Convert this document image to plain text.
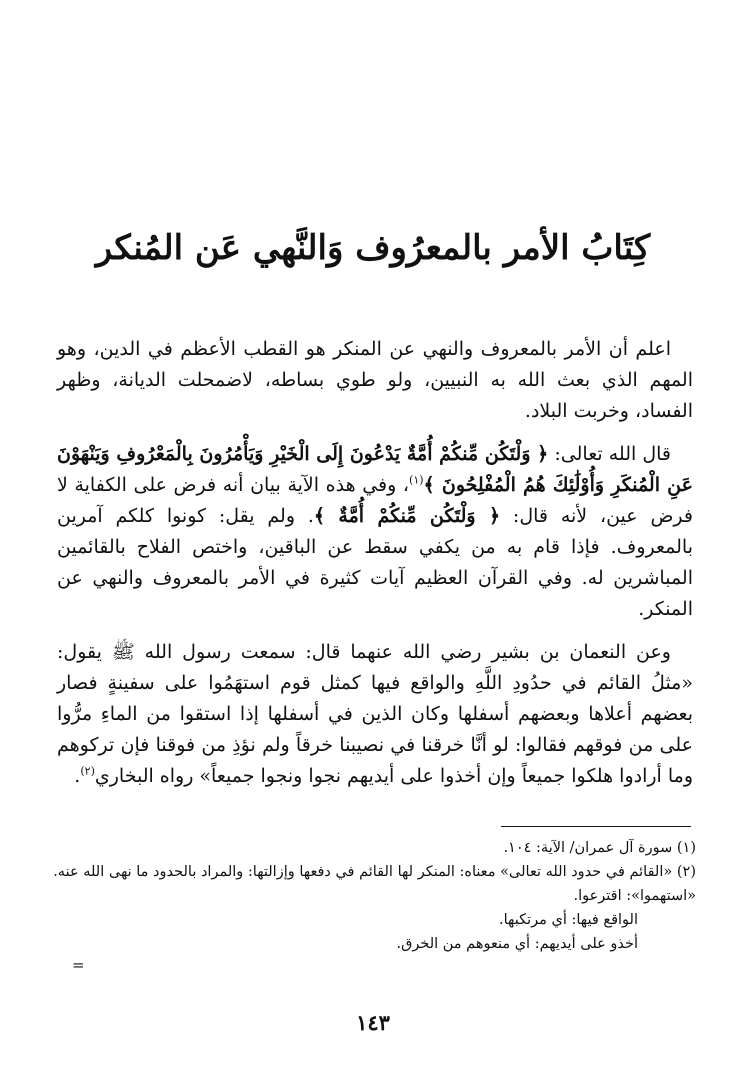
كِتَابُ الأمر بالمعرُوف وَالنَّهي عَن المُنكر

اعلم أن الأمر بالمعروف والنهي عن المنكر هو القطب الأعظم في الدين، وهو المهم الذي بعث الله به النبيين، ولو طوي بساطه، لاضمحلت الديانة، وظهر الفساد، وخربت البلاد.

قال الله تعالى: ﴿ وَلْتَكُن مِّنكُمْ أُمَّةٌ يَدْعُونَ إِلَى الْخَيْرِ وَيَأْمُرُونَ بِالْمَعْرُوفِ وَيَنْهَوْنَ عَنِ الْمُنكَرِ وَأُوْلَٰئِكَ هُمُ الْمُفْلِحُونَ ﴾$^{(١)}$، وفي هذه الآية بيان أنه فرض على الكفاية لا فرض عين، لأنه قال: ﴿ وَلْتَكُن مِّنكُمْ أُمَّةٌ ﴾. ولم يقل: كونوا كلكم آمرين بالمعروف. فإذا قام به من يكفي سقط عن الباقين، واختص الفلاح بالقائمين المباشرين له. وفي القرآن العظيم آيات كثيرة في الأمر بالمعروف والنهي عن المنكر.

وعن النعمان بن بشير رضي الله عنهما قال: سمعت رسول الله ﷺ يقول: «مثلُ القائم في حدُودِ اللَّهِ والواقع فيها كمثل قوم استهَمُوا على سفينةٍ فصار بعضهم أعلاها وبعضهم أسفلها وكان الذين في أسفلها إذا استقوا من الماءِ مرُّوا على من فوقهم فقالوا: لو أنَّا خرقنا في نصيبنا خرقاً ولم نؤذِ من فوقنا فإن تركوهم وما أرادوا هلكوا جميعاً وإن أخذوا على أيديهم نجوا ونجوا جميعاً» رواه البخاري$^{(٢)}$.

(١) سورة آل عمران/ الآية: ١٠٤.

(٢) «القائم في حدود الله تعالى» معناه: المنكر لها القائم في دفعها وإزالتها: والمراد بالحدود ما نهى الله عنه. «استهموا»: اقترعوا.

الواقع فيها: أي مرتكبها.

أخذو على أيديهم: أي منعوهم من الخرق.

=
١٤٣
